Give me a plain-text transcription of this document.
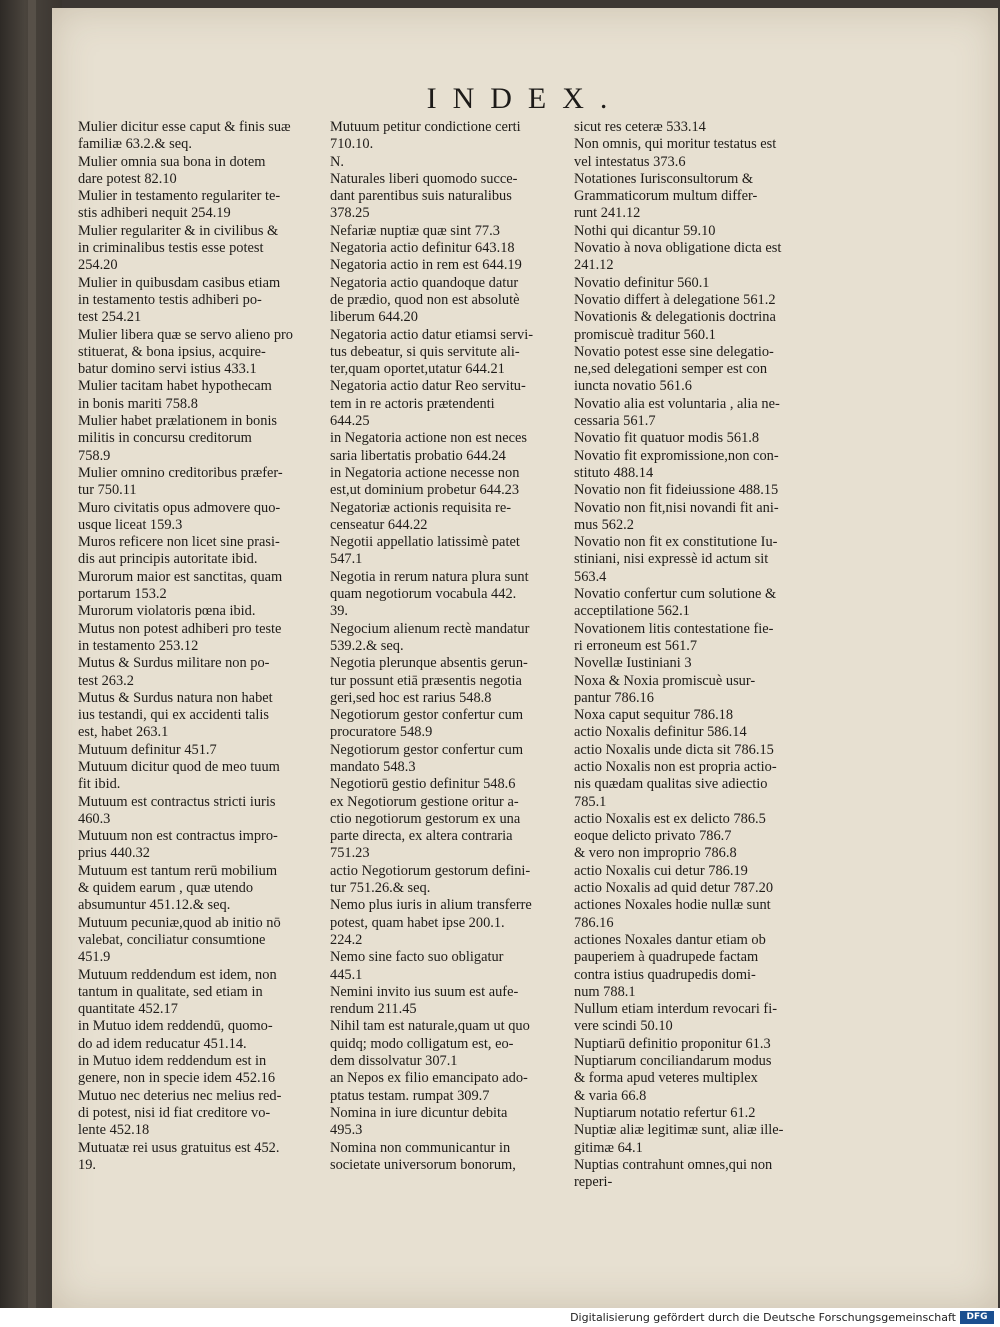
INDEX.
Mulier dicitur esse caput & finis suæ
familiæ 63.2.& seq.
Mulier omnia sua bona in dotem
dare potest 82.10
Mulier in testamento regulariter te-
stis adhiberi nequit 254.19
Mulier regulariter & in civilibus &
in criminalibus testis esse potest
254.20
Mulier in quibusdam casibus etiam
in testamento testis adhiberi po-
test 254.21
Mulier libera quæ se servo alieno pro
stituerat, & bona ipsius, acquire-
batur domino servi istius 433.1
Mulier tacitam habet hypothecam
in bonis mariti 758.8
Mulier habet prælationem in bonis
militis in concursu creditorum
758.9
Mulier omnino creditoribus præfer-
tur 750.11
Muro civitatis opus admovere quo-
usque liceat 159.3
Muros reficere non licet sine prasi-
dis aut principis autoritate ibid.
Murorum maior est sanctitas, quam
portarum 153.2
Murorum violatoris pœna ibid.
Mutus non potest adhiberi pro teste
in testamento 253.12
Mutus & Surdus militare non po-
test 263.2
Mutus & Surdus natura non habet
ius testandi, qui ex accidenti talis
est, habet 263.1
Mutuum definitur 451.7
Mutuum dicitur quod de meo tuum
fit ibid.
Mutuum est contractus stricti iuris
460.3
Mutuum non est contractus impro-
prius 440.32
Mutuum est tantum rerū mobilium
& quidem earum , quæ utendo
absumuntur 451.12.& seq.
Mutuum pecuniæ,quod ab initio nō
valebat, conciliatur consumtione
451.9
Mutuum reddendum est idem, non
tantum in qualitate, sed etiam in
quantitate 452.17
in Mutuo idem reddendū, quomo-
do ad idem reducatur 451.14.
in Mutuo idem reddendum est in
genere, non in specie idem 452.16
Mutuo nec deterius nec melius red-
di potest, nisi id fiat creditore vo-
lente 452.18
Mutuatæ rei usus gratuitus est 452.
19.
Mutuum petitur condictione certi
710.10.
N.
Naturales liberi quomodo succe-
dant parentibus suis naturalibus
378.25
Nefariæ nuptiæ quæ sint 77.3
Negatoria actio definitur 643.18
Negatoria actio in rem est 644.19
Negatoria actio quandoque datur
de prædio, quod non est absolutè
liberum 644.20
Negatoria actio datur etiamsi servi-
tus debeatur, si quis servitute ali-
ter,quam oportet,utatur 644.21
Negatoria actio datur Reo servitu-
tem in re actoris prætendenti
644.25
in Negatoria actione non est neces
saria libertatis probatio 644.24
in Negatoria actione necesse non
est,ut dominium probetur 644.23
Negatoriæ actionis requisita re-
censeatur 644.22
Negotii appellatio latissimè patet
547.1
Negotia in rerum natura plura sunt
quam negotiorum vocabula 442.
39.
Negocium alienum rectè mandatur
539.2.& seq.
Negotia plerunque absentis gerun-
tur possunt etiā præsentis negotia
geri,sed hoc est rarius 548.8
Negotiorum gestor confertur cum
procuratore 548.9
Negotiorum gestor confertur cum
mandato 548.3
Negotiorū gestio definitur 548.6
ex Negotiorum gestione oritur a-
ctio negotiorum gestorum ex una
parte directa, ex altera contraria
751.23
actio Negotiorum gestorum defini-
tur 751.26.& seq.
Nemo plus iuris in alium transferre
potest, quam habet ipse 200.1.
224.2
Nemo sine facto suo obligatur
445.1
Nemini invito ius suum est aufe-
rendum 211.45
Nihil tam est naturale,quam ut quo
quidq; modo colligatum est, eo-
dem dissolvatur 307.1
an Nepos ex filio emancipato ado-
ptatus testam. rumpat 309.7
Nomina in iure dicuntur debita
495.3
Nomina non communicantur in
societate universorum bonorum,
sicut res ceteræ 533.14
Non omnis, qui moritur testatus est
vel intestatus 373.6
Notationes Iurisconsultorum &
Grammaticorum multum differ-
runt 241.12
Nothi qui dicantur 59.10
Novatio à nova obligatione dicta est
241.12
Novatio definitur 560.1
Novatio differt à delegatione 561.2
Novationis & delegationis doctrina
promiscuè traditur 560.1
Novatio potest esse sine delegatio-
ne,sed delegationi semper est con
iuncta novatio 561.6
Novatio alia est voluntaria , alia ne-
cessaria 561.7
Novatio fit quatuor modis 561.8
Novatio fit expromissione,non con-
stituto 488.14
Novatio non fit fideiussione 488.15
Novatio non fit,nisi novandi fit ani-
mus 562.2
Novatio non fit ex constitutione Iu-
stiniani, nisi expressè id actum sit
563.4
Novatio confertur cum solutione &
acceptilatione 562.1
Novationem litis contestatione fie-
ri erroneum est 561.7
Novellæ Iustiniani 3
Noxa & Noxia promiscuè usur-
pantur 786.16
Noxa caput sequitur 786.18
actio Noxalis definitur 586.14
actio Noxalis unde dicta sit 786.15
actio Noxalis non est propria actio-
nis quædam qualitas sive adiectio
785.1
actio Noxalis est ex delicto 786.5
eoque delicto privato 786.7
& vero non improprio 786.8
actio Noxalis cui detur 786.19
actio Noxalis ad quid detur 787.20
actiones Noxales hodie nullæ sunt
786.16
actiones Noxales dantur etiam ob
pauperiem à quadrupede factam
contra istius quadrupedis domi-
num 788.1
Nullum etiam interdum revocari fi-
vere scindi 50.10
Nuptiarū definitio proponitur 61.3
Nuptiarum conciliandarum modus
& forma apud veteres multiplex
& varia 66.8
Nuptiarum notatio refertur 61.2
Nuptiæ aliæ legitimæ sunt, aliæ ille-
gitimæ 64.1
Nuptias contrahunt omnes,qui non
reperi-
Digitalisierung gefördert durch die Deutsche Forschungsgemeinschaft	DFG
